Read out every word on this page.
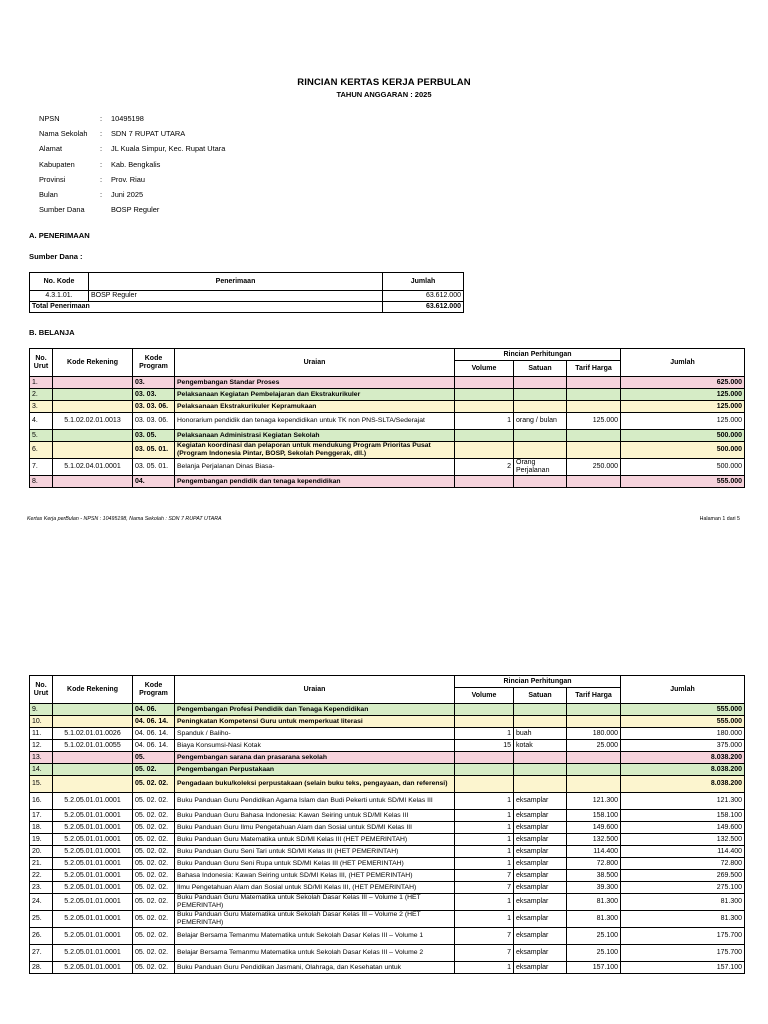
RINCIAN KERTAS KERJA PERBULAN
TAHUN ANGGARAN : 2025
NPSN	: 10495198
Nama Sekolah : SDN 7 RUPAT UTARA
Alamat	: JL Kuala Simpur, Kec. Rupat Utara
Kabupaten	: Kab. Bengkalis
Provinsi	: Prov. Riau
Bulan	: Juni 2025
Sumber Dana	BOSP Reguler
A. PENERIMAAN
Sumber Dana :
No. Kode	Penerimaan	Jumlah
4.3.1.01.	BOSP Reguler	63.612.000
Total Penerimaan		63.612.000
B. BELANJA
No. Urut	Kode Rekening	Kode Program	Uraian	Rincian Perhitungan			Jumlah
				Volume	Satuan	Tarif Harga	
1.		03.	Pengembangan Standar Proses				625.000
2.		03. 03.	Pelaksanaan Kegiatan Pembelajaran dan Ekstrakurikuler				125.000
3.		03. 03. 06.	Pelaksanaan Ekstrakurikuler Kepramukaan				125.000
4.	5.1.02.02.01.0013	03. 03. 06.	Honorarium pendidik dan tenaga kependidikan untuk TK non PNS-SLTA/Sederajat	1	orang / bulan	125.000	125.000
5.		03. 05.	Pelaksanaan Administrasi Kegiatan Sekolah				500.000
6.		03. 05. 01.	Kegiatan koordinasi dan pelaporan untuk mendukung Program Prioritas Pusat (Program Indonesia Pintar, BOSP, Sekolah Penggerak, dll.)				500.000
7.	5.1.02.04.01.0001	03. 05. 01.	Belanja Perjalanan Dinas Biasa-	2	Orang Perjalanan	250.000	500.000
8.		04.	Pengembangan pendidik dan tenaga kependidikan				555.000
Kertas Kerja perBulan - NPSN : 10495198, Nama Sekolah : SDN 7 RUPAT UTARA	Halaman 1 dari 5
No. Urut	Kode Rekening	Kode Program	Uraian	Rincian Perhitungan			Jumlah
				Volume	Satuan	Tarif Harga	
9.		04. 06.	Pengembangan Profesi Pendidik dan Tenaga Kependidikan				555.000
10.		04. 06. 14.	Peningkatan Kompetensi Guru untuk memperkuat literasi				555.000
11.	5.1.02.01.01.0026	04. 06. 14.	Spanduk / Baliho-	1	buah	180.000	180.000
12.	5.1.02.01.01.0055	04. 06. 14.	Biaya Konsumsi-Nasi Kotak	15	kotak	25.000	375.000
13.		05.	Pengembangan sarana dan prasarana sekolah				8.038.200
14.		05. 02.	Pengembangan Perpustakaan				8.038.200
15.		05. 02. 02.	Pengadaan buku/koleksi perpustakaan (selain buku teks, pengayaan, dan referensi)				8.038.200
16.	5.2.05.01.01.0001	05. 02. 02.	Buku Panduan Guru Pendidikan Agama Islam dan Budi Pekerti untuk SD/MI Kelas III	1	eksamplar	121.300	121.300
17.	5.2.05.01.01.0001	05. 02. 02.	Buku Panduan Guru Bahasa Indonesia: Kawan Seiring untuk SD/MI Kelas III	1	eksamplar	158.100	158.100
18.	5.2.05.01.01.0001	05. 02. 02.	Buku Panduan Guru Ilmu Pengetahuan Alam dan Sosial untuk SD/MI Kelas III	1	eksamplar	149.600	149.600
19.	5.2.05.01.01.0001	05. 02. 02.	Buku Panduan Guru Matematika untuk SD/MI Kelas III (HET PEMERINTAH)	1	eksamplar	132.500	132.500
20.	5.2.05.01.01.0001	05. 02. 02.	Buku Panduan Guru Seni Tari untuk SD/MI Kelas III (HET PEMERINTAH)	1	eksamplar	114.400	114.400
21.	5.2.05.01.01.0001	05. 02. 02.	Buku Panduan Guru Seni Rupa untuk SD/MI Kelas III (HET PEMERINTAH)	1	eksamplar	72.800	72.800
22.	5.2.05.01.01.0001	05. 02. 02.	Bahasa Indonesia: Kawan Seiring untuk SD/MI Kelas III, (HET PEMERINTAH)	7	eksamplar	38.500	269.500
23.	5.2.05.01.01.0001	05. 02. 02.	Ilmu Pengetahuan Alam dan Sosial untuk SD/MI Kelas III, (HET PEMERINTAH)	7	eksamplar	39.300	275.100
24.	5.2.05.01.01.0001	05. 02. 02.	Buku Panduan Guru Matematika untuk Sekolah Dasar Kelas III – Volume 1 (HET PEMERINTAH)	1	eksamplar	81.300	81.300
25.	5.2.05.01.01.0001	05. 02. 02.	Buku Panduan Guru Matematika untuk Sekolah Dasar Kelas III – Volume 2 (HET PEMERINTAH)	1	eksamplar	81.300	81.300
26.	5.2.05.01.01.0001	05. 02. 02.	Belajar Bersama Temanmu Matematika untuk Sekolah Dasar Kelas III – Volume 1	7	eksamplar	25.100	175.700
27.	5.2.05.01.01.0001	05. 02. 02.	Belajar Bersama Temanmu Matematika untuk Sekolah Dasar Kelas III – Volume 2	7	eksamplar	25.100	175.700
28.	5.2.05.01.01.0001	05. 02. 02.	Buku Panduan Guru Pendidikan Jasmani, Olahraga, dan Kesehatan untuk	1	eksamplar	157.100	157.100
